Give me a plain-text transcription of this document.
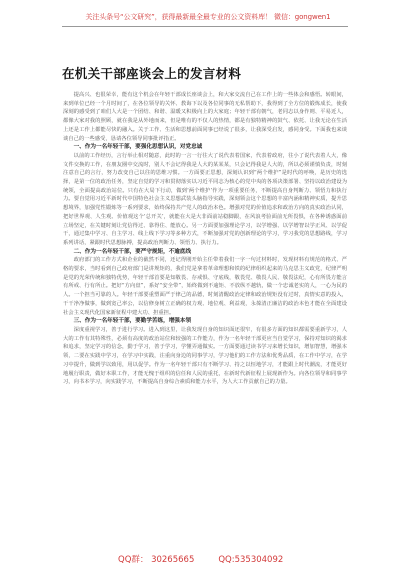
关注头条号“公文研究”，获得最新最全最专业的公文资料库！ 微信：gongwen1
在机关干部座谈会上的发言材料

提高兴、也很荣幸，能有这个机会在年轻干部成长座谈会上，和大家交流自己在工作上的一些体会和感悟。转眼间，来到单位已经一个月时间了，在各位领导的关怀、教诲下以及各位同事的无私帮助下，我得到了全方位的锻炼成长，使我深刻的感受到了咱们人大是一个团结、和谐、温暖又积极向上的大家庭；年轻干部有朝气，老同志以身作则、平易近人，都像大家对我的照顾，就在我是从外地而来，但是唯有的不仅人的热情，都是有独特精神的鼓气、依托、让我无论在生活上还是工作上都能尽快的融入。关于工作、生活和思想前面同事已经说了很多，让我深受启发，感同身受。下面我也来谈谈自己的一些感受，恳请各位领导同事批评指正。

一、作为一名年轻干部，要强化思想认识，对党忠诚

以前的工作经历，言行举止相对随意，此时的一言一行往大了说代表着国家，代表着政府，往小了说代表着人大，像文件交换的工作，在朋友圈中交流时，别人不会记得我是人大的某某某，只会记得我是人大的，所以必须谨慎负责，时刻注意自己的言行，努力改变自己以往的思维习惯。一方面要正思想，深刻认识到“两个维护”是时代的呼唤，是历史的选择，是第一位的政治任务，坚定自觉的学习和贯彻落实以习近平同志为核心的党中央的各项决策部署、坚持以政治建设为统领，全面提高政治站位。只有在大局下行动，做到‘两个维护’作为一项重要任务，不断提高自身判断力、领悟力和执行力。要自觉用习近平新时代中国特色社会主义思想武装头脑指导实践，深刻领会这个思想的丰富内涵和精神实质，提升思想境界，加强党性锻炼等一系列要求，始终保持共产党人的政治本色。增强对党的价值追求和政治方向的真实政治认同，把好世界观、人生观、价值观这个‘总开关’，就能在大是大非面前站稳脚跟，在风浪考验面前无所畏惧，在各种诱惑面前立场坚定，在关键时刻让党信得过、靠得住、能放心。另一方面要加强理论学习，以学增强、以学增智以学正风、以学促干，通过集中学习、自主学习、线上线下学习等多种方式，不断加强对党的创新理论的学习，学习我党的思想路线，学习系列讲话，紧跟时代思想脉搏，提高政治判断力、领悟力、执行力。

二、作为一名年轻干部，要严守规矩，不逾底线

政府部门的工作方式和企业的截然不同，还记得刚开始主任带着我们一字一句过材料时，发现材料有规范的格式、严格的要求，当时看到自己政府部门是讲规矩的，我们党是拿着革命理想和铁的纪律组织起来的马克思主义政党，纪律严明是党的光荣传统和独特优势，年轻干部首要是知敬畏、存戒惧、守底线，敬畏党、敬畏人民、敬畏法纪，心有所畏方能言有所戒、行有所止。把好“方向盘”，系好“安全带”，始终做到不逾矩、不放纵不越轨，做一个忠诚老实的人，一心为民的人。一个担当可靠的人。年轻干部要重塑面严于律己的品德，时刻清醒政治定律和政治规矩没有过时，真情实意的投入，干干净净做事，做到宽己率公，以信修身树立正确的权力观、地位观、利益观，永葆清正廉洁的政治本色才能在全面建设社会主义现代化国家新征程中建大功、担重担。

三、作为一名年轻干部，要勤学苦练，增强本领

深度重视学习，善于进行学习。进入到这里，让我发现自身的知识面还很窄，有很多方面的知识都需要重新学习，人大的工作有其特殊性，必须有高度的政治站位和较强的工作能力，作为一名年轻干部更应当自觉学习，保持对知识的渴求和追求，坚定学习的信念，勤于学习，善于学习，学懂弄通做实。一方面要通过读书学习来增长知识，增加智慧，增强本领，二要在实践中学习，在学习中实践，注重向身边的同事学习，学习他们的工作方法和优秀品质，在工作中学习，在学习中提升，做到学以致用，用以促学。作为一名年轻干部只有不断学习、持之以恒地学习，才能跟上时代潮流，才能更好地履行职责，做好本职工作，才能无愧于组织的信任和人民的重托，在新时代新征程上展现新作为。向各位领导和同事学习，向书本学习，向实践学习，不断提高自身综合素质和能力水平，为人大工作贡献自己的力量。

QQ群： 30265665	QQ:535304092
